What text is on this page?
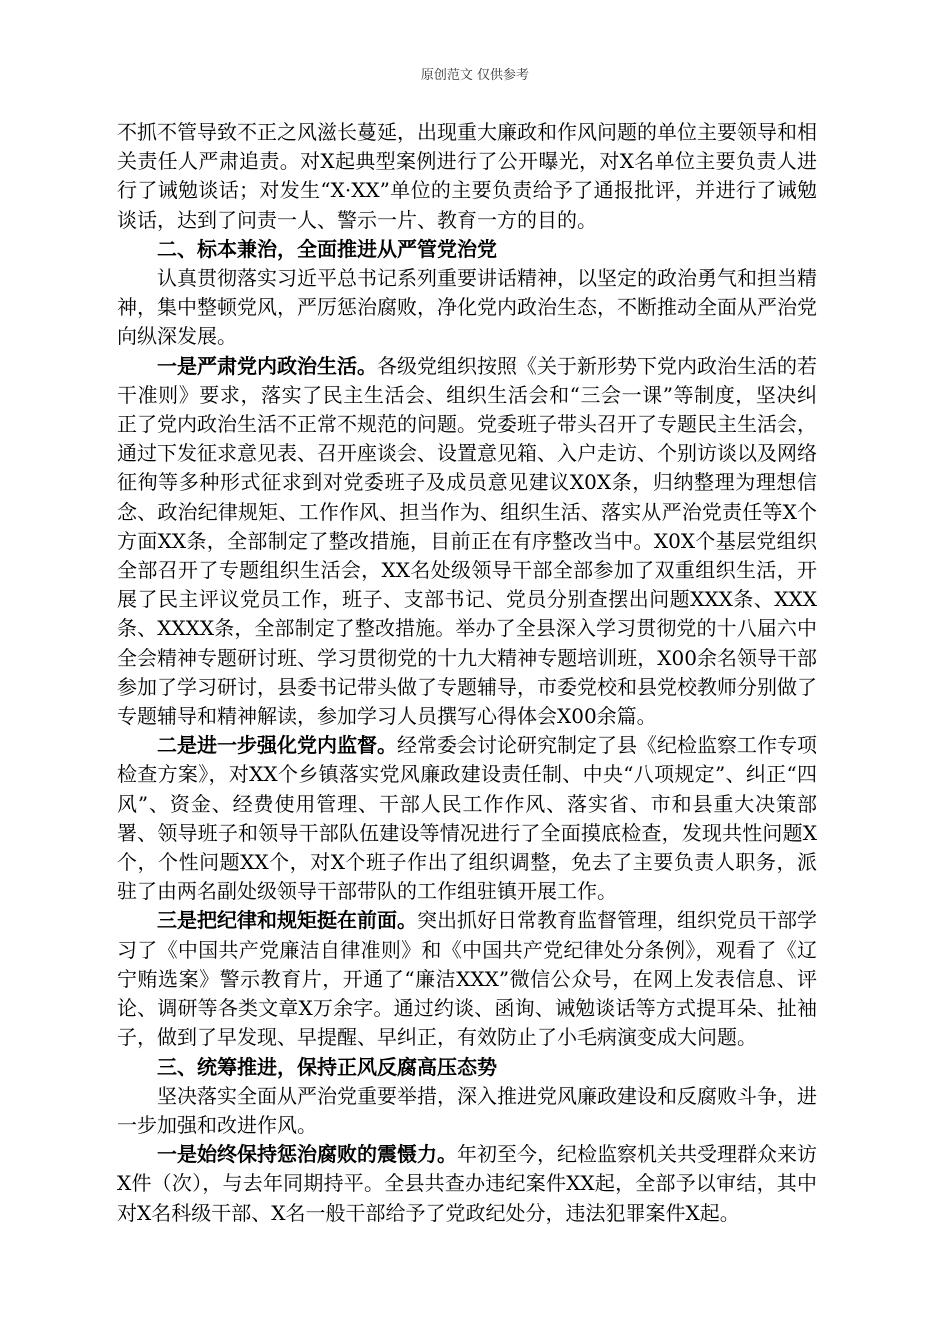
原创范文 仅供参考

不抓不管导致不正之风滋长蔓延，出现重大廉政和作风问题的单位主要领导和相关责任人严肃追责。对X起典型案例进行了公开曝光，对X名单位主要负责人进行了诫勉谈话；对发生“X·XX”单位的主要负责给予了通报批评，并进行了诫勉谈话，达到了问责一人、警示一片、教育一方的目的。

二、标本兼治，全面推进从严管党治党

认真贯彻落实习近平总书记系列重要讲话精神，以坚定的政治勇气和担当精神，集中整顿党风，严厉惩治腐败，净化党内政治生态，不断推动全面从严治党向纵深发展。

一是严肃党内政治生活。各级党组织按照《关于新形势下党内政治生活的若干准则》要求，落实了民主生活会、组织生活会和“三会一课”等制度，坚决纠正了党内政治生活不正常不规范的问题。党委班子带头召开了专题民主生活会，通过下发征求意见表、召开座谈会、设置意见箱、入户走访、个别访谈以及网络征徇等多种形式征求到对党委班子及成员意见建议X0X条，归纳整理为理想信念、政治纪律规矩、工作作风、担当作为、组织生活、落实从严治党责任等X个方面XX条，全部制定了整改措施，目前正在有序整改当中。X0X个基层党组织全部召开了专题组织生活会，XX名处级领导干部全部参加了双重组织生活，开展了民主评议党员工作，班子、支部书记、党员分别查摆出问题XXX条、XXX条、XXXX条，全部制定了整改措施。举办了全县深入学习贯彻党的十八届六中全会精神专题研讨班、学习贯彻党的十九大精神专题培训班，X00余名领导干部参加了学习研讨，县委书记带头做了专题辅导，市委党校和县党校教师分别做了专题辅导和精神解读，参加学习人员撰写心得体会X00余篇。

二是进一步强化党内监督。经常委会讨论研究制定了县《纪检监察工作专项检查方案》，对XX个乡镇落实党风廉政建设责任制、中央“八项规定”、纠正“四风”、资金、经费使用管理、干部人民工作作风、落实省、市和县重大决策部署、领导班子和领导干部队伍建设等情况进行了全面摸底检查，发现共性问题X个，个性问题XX个，对X个班子作出了组织调整，免去了主要负责人职务，派驻了由两名副处级领导干部带队的工作组驻镇开展工作。

三是把纪律和规矩挺在前面。突出抓好日常教育监督管理，组织党员干部学习了《中国共产党廉洁自律准则》和《中国共产党纪律处分条例》，观看了《辽宁贿选案》警示教育片，开通了“廉洁XXX”微信公众号，在网上发表信息、评论、调研等各类文章X万余字。通过约谈、函询、诫勉谈话等方式提耳朵、扯袖子，做到了早发现、早提醒、早纠正，有效防止了小毛病演变成大问题。

三、统筹推进，保持正风反腐高压态势

坚决落实全面从严治党重要举措，深入推进党风廉政建设和反腐败斗争，进一步加强和改进作风。

一是始终保持惩治腐败的震慑力。年初至今，纪检监察机关共受理群众来访X件（次），与去年同期持平。全县共查办违纪案件XX起，全部予以审结，其中对X名科级干部、X名一般干部给予了党政纪处分，违法犯罪案件X起。
